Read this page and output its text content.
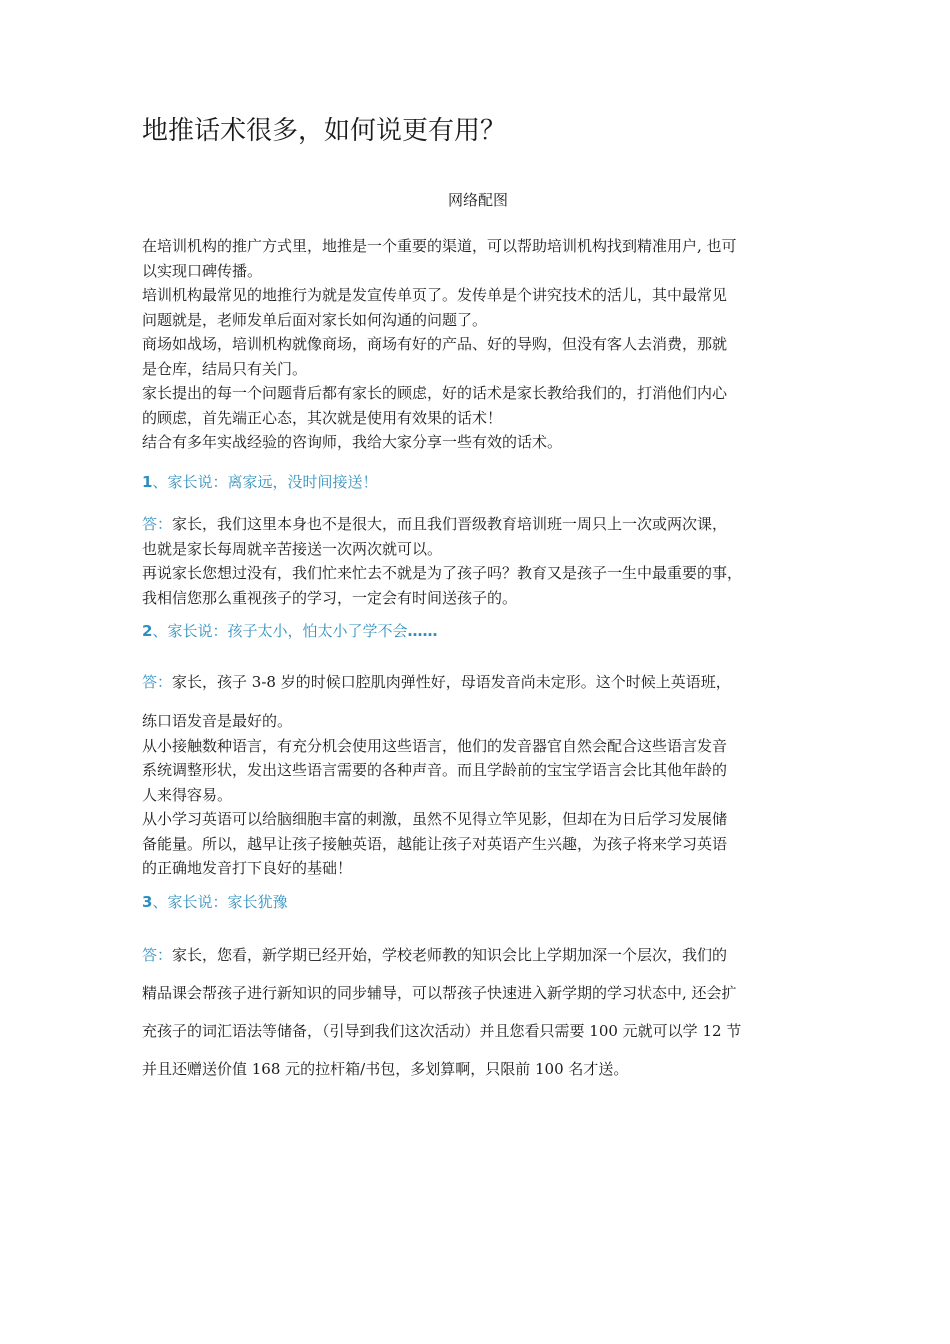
地推话术很多，如何说更有用？
网络配图
在培训机构的推广方式里，地推是一个重要的渠道，可以帮助培训机构找到精准用户, 也可
以实现口碑传播。
培训机构最常见的地推行为就是发宣传单页了。发传单是个讲究技术的活儿，其中最常见
问题就是，老师发单后面对家长如何沟通的问题了。
商场如战场，培训机构就像商场，商场有好的产品、好的导购，但没有客人去消费，那就
是仓库，结局只有关门。
家长提出的每一个问题背后都有家长的顾虑，好的话术是家长教给我们的，打消他们内心
的顾虑，首先端正心态，其次就是使用有效果的话术！
结合有多年实战经验的咨询师，我给大家分享一些有效的话术。
1、家长说：离家远，没时间接送！
答：家长，我们这里本身也不是很大，而且我们晋级教育培训班一周只上一次或两次课，
也就是家长每周就辛苦接送一次两次就可以。
再说家长您想过没有，我们忙来忙去不就是为了孩子吗？教育又是孩子一生中最重要的事，
我相信您那么重视孩子的学习，一定会有时间送孩子的。
2、家长说：孩子太小，怕太小了学不会……
答：家长，孩子 3-8 岁的时候口腔肌肉弹性好，母语发音尚未定形。这个时候上英语班，
练口语发音是最好的。
从小接触数种语言，有充分机会使用这些语言，他们的发音器官自然会配合这些语言发音
系统调整形状，发出这些语言需要的各种声音。而且学龄前的宝宝学语言会比其他年龄的
人来得容易。
从小学习英语可以给脑细胞丰富的刺激，虽然不见得立竿见影，但却在为日后学习发展储
备能量。所以，越早让孩子接触英语，越能让孩子对英语产生兴趣，为孩子将来学习英语
的正确地发音打下良好的基础！
3、家长说：家长犹豫
答：家长，您看，新学期已经开始，学校老师教的知识会比上学期加深一个层次，我们的
精品课会帮孩子进行新知识的同步辅导，可以帮孩子快速进入新学期的学习状态中, 还会扩
充孩子的词汇语法等储备，（引导到我们这次活动）并且您看只需要 100 元就可以学 12 节
并且还赠送价值 168 元的拉杆箱/书包，多划算啊，只限前 100 名才送。
